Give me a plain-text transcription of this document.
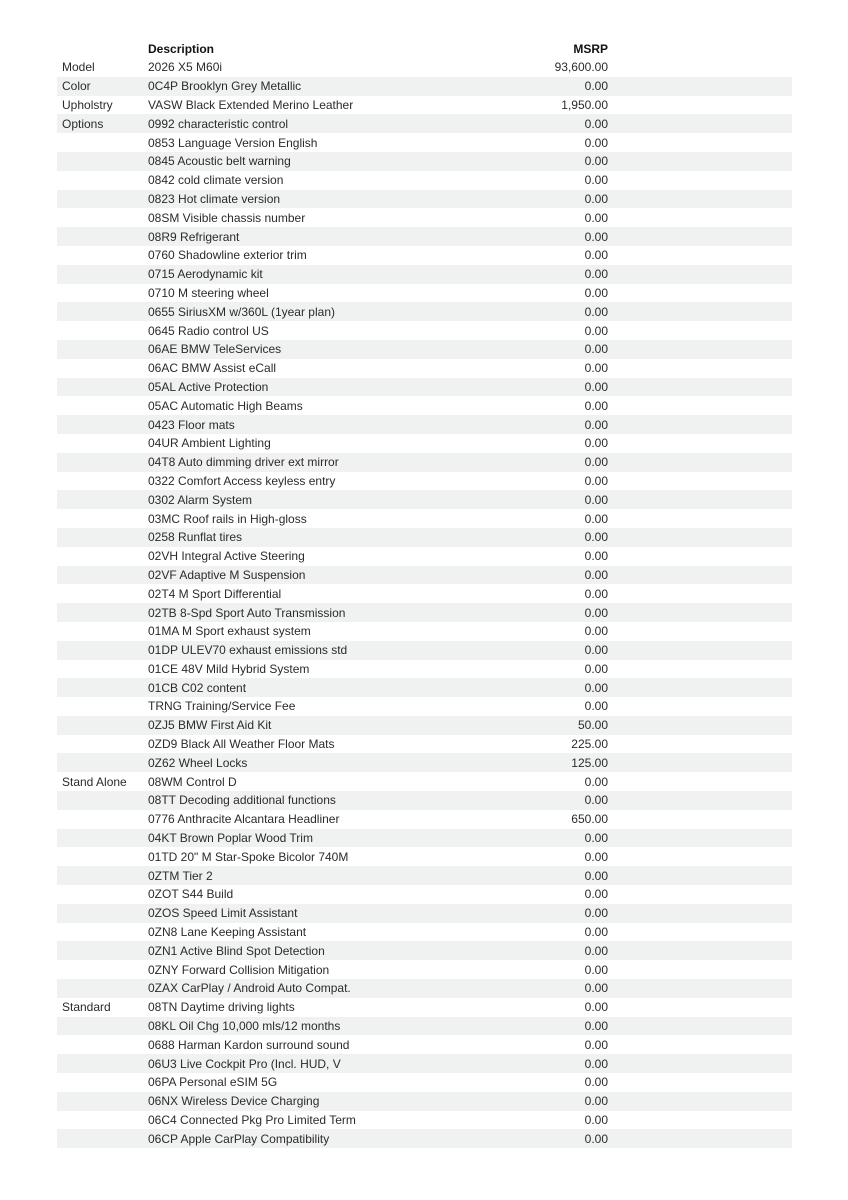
Description	MSRP
Model	2026 X5 M60i	93,600.00
Color	0C4P Brooklyn Grey Metallic	0.00
Upholstry	VASW Black Extended Merino Leather	1,950.00
Options	0992 characteristic control	0.00
0853 Language Version English	0.00
0845 Acoustic belt warning	0.00
0842 cold climate version	0.00
0823 Hot climate version	0.00
08SM Visible chassis number	0.00
08R9 Refrigerant	0.00
0760 Shadowline exterior trim	0.00
0715 Aerodynamic kit	0.00
0710 M steering wheel	0.00
0655 SiriusXM w/360L (1year plan)	0.00
0645 Radio control US	0.00
06AE BMW TeleServices	0.00
06AC BMW Assist eCall	0.00
05AL Active Protection	0.00
05AC Automatic High Beams	0.00
0423 Floor mats	0.00
04UR Ambient Lighting	0.00
04T8 Auto dimming driver ext mirror	0.00
0322 Comfort Access keyless entry	0.00
0302 Alarm System	0.00
03MC Roof rails in High-gloss	0.00
0258 Runflat tires	0.00
02VH Integral Active Steering	0.00
02VF Adaptive M Suspension	0.00
02T4 M Sport Differential	0.00
02TB 8-Spd Sport Auto Transmission	0.00
01MA M Sport exhaust system	0.00
01DP ULEV70 exhaust emissions std	0.00
01CE 48V Mild Hybrid System	0.00
01CB C02 content	0.00
TRNG Training/Service Fee	0.00
0ZJ5 BMW First Aid Kit	50.00
0ZD9 Black All Weather Floor Mats	225.00
0Z62 Wheel Locks	125.00
Stand Alone	08WM Control D	0.00
08TT Decoding additional functions	0.00
0776 Anthracite Alcantara Headliner	650.00
04KT Brown Poplar Wood Trim	0.00
01TD 20" M Star-Spoke Bicolor 740M	0.00
0ZTM Tier 2	0.00
0ZOT S44 Build	0.00
0ZOS Speed Limit Assistant	0.00
0ZN8 Lane Keeping Assistant	0.00
0ZN1 Active Blind Spot Detection	0.00
0ZNY Forward Collision Mitigation	0.00
0ZAX CarPlay / Android Auto Compat.	0.00
Standard	08TN Daytime driving lights	0.00
08KL Oil Chg 10,000 mls/12 months	0.00
0688 Harman Kardon surround sound	0.00
06U3 Live Cockpit Pro (Incl. HUD, V	0.00
06PA Personal eSIM 5G	0.00
06NX Wireless Device Charging	0.00
06C4 Connected Pkg Pro Limited Term	0.00
06CP Apple CarPlay Compatibility	0.00
